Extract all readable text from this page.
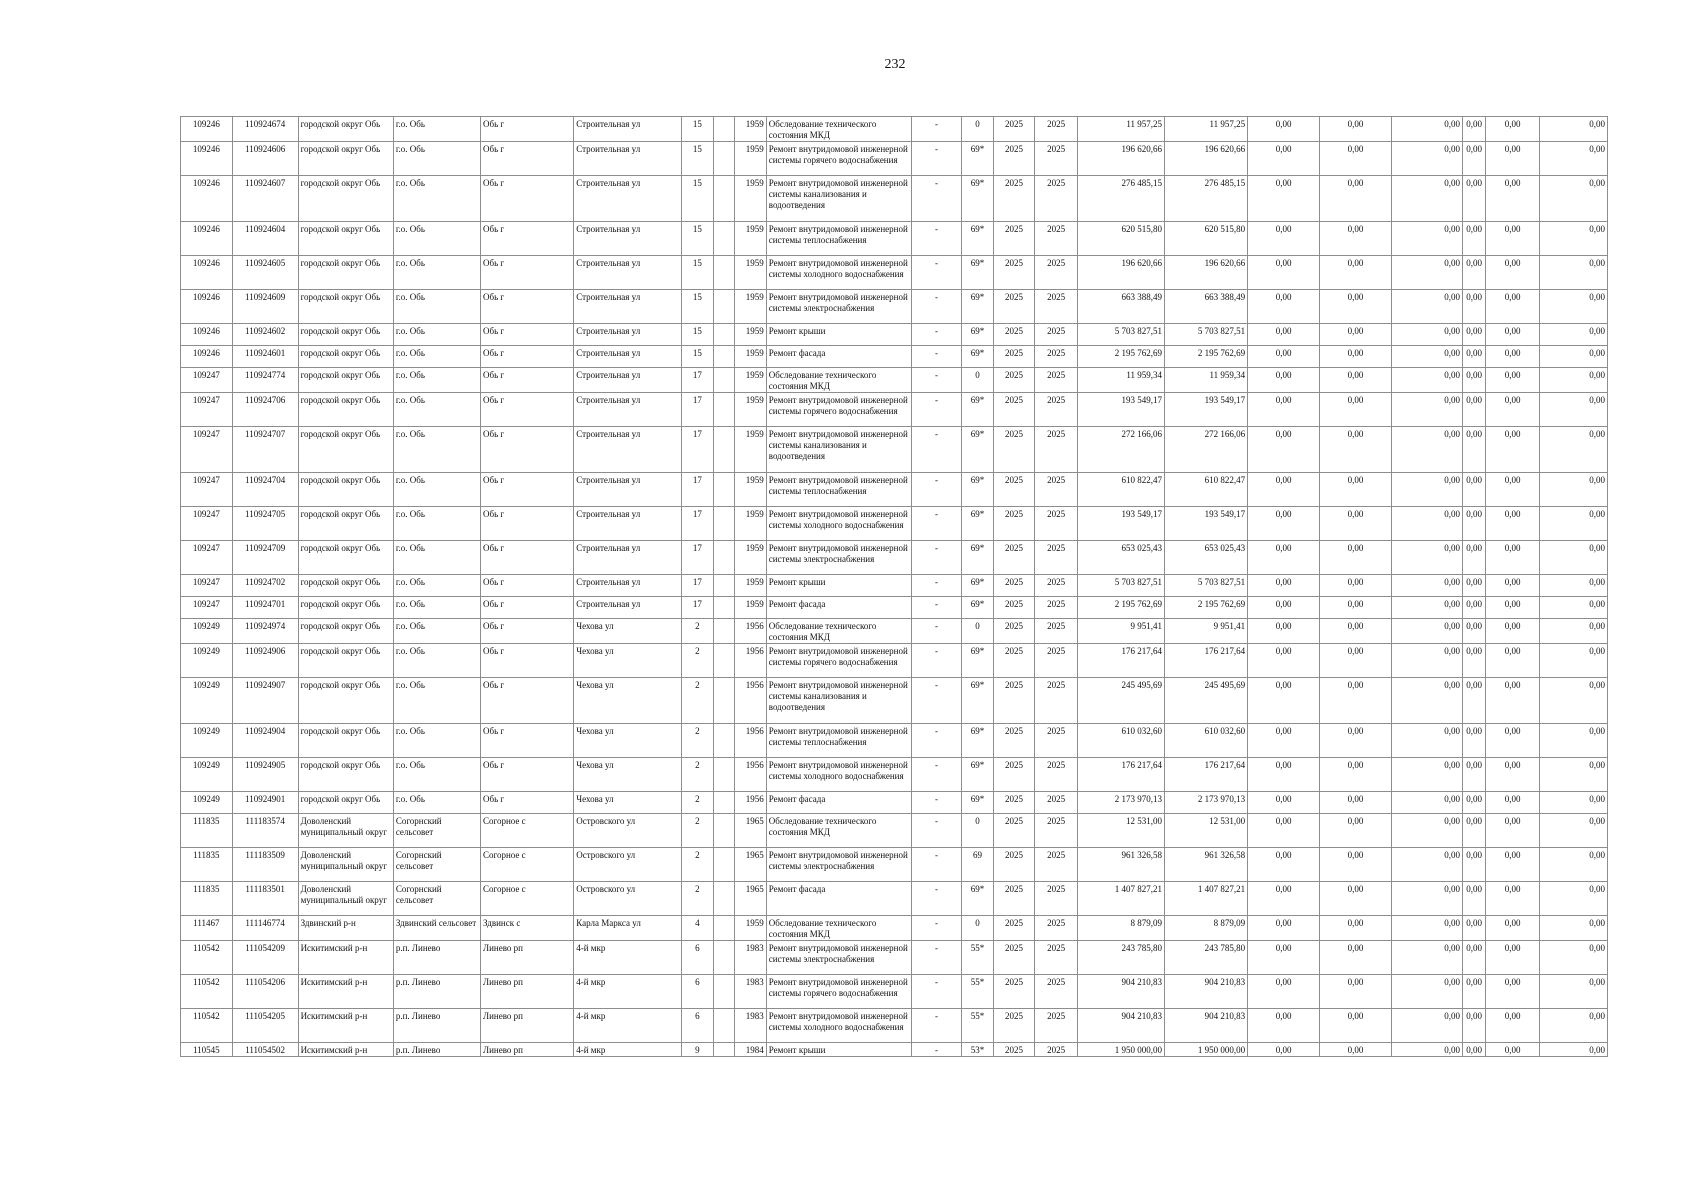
232
109246	110924674	городской округ Обь	г.о. Обь	Обь г	Строительная ул	15		1959	Обследование технического состояния МКД	-	0	2025	2025	11 957,25	11 957,25	0,00	0,00	0,00	0,00	0,00	0,00
109246	110924606	городской округ Обь	г.о. Обь	Обь г	Строительная ул	15		1959	Ремонт внутридомовой инженерной системы горячего водоснабжения	-	69*	2025	2025	196 620,66	196 620,66	0,00	0,00	0,00	0,00	0,00	0,00
109246	110924607	городской округ Обь	г.о. Обь	Обь г	Строительная ул	15		1959	Ремонт внутридомовой инженерной системы канализования и водоотведения	-	69*	2025	2025	276 485,15	276 485,15	0,00	0,00	0,00	0,00	0,00	0,00
109246	110924604	городской округ Обь	г.о. Обь	Обь г	Строительная ул	15		1959	Ремонт внутридомовой инженерной системы теплоснабжения	-	69*	2025	2025	620 515,80	620 515,80	0,00	0,00	0,00	0,00	0,00	0,00
109246	110924605	городской округ Обь	г.о. Обь	Обь г	Строительная ул	15		1959	Ремонт внутридомовой инженерной системы холодного водоснабжения	-	69*	2025	2025	196 620,66	196 620,66	0,00	0,00	0,00	0,00	0,00	0,00
109246	110924609	городской округ Обь	г.о. Обь	Обь г	Строительная ул	15		1959	Ремонт внутридомовой инженерной системы электроснабжения	-	69*	2025	2025	663 388,49	663 388,49	0,00	0,00	0,00	0,00	0,00	0,00
109246	110924602	городской округ Обь	г.о. Обь	Обь г	Строительная ул	15		1959	Ремонт крыши	-	69*	2025	2025	5 703 827,51	5 703 827,51	0,00	0,00	0,00	0,00	0,00	0,00
109246	110924601	городской округ Обь	г.о. Обь	Обь г	Строительная ул	15		1959	Ремонт фасада	-	69*	2025	2025	2 195 762,69	2 195 762,69	0,00	0,00	0,00	0,00	0,00	0,00
109247	110924774	городской округ Обь	г.о. Обь	Обь г	Строительная ул	17		1959	Обследование технического состояния МКД	-	0	2025	2025	11 959,34	11 959,34	0,00	0,00	0,00	0,00	0,00	0,00
109247	110924706	городской округ Обь	г.о. Обь	Обь г	Строительная ул	17		1959	Ремонт внутридомовой инженерной системы горячего водоснабжения	-	69*	2025	2025	193 549,17	193 549,17	0,00	0,00	0,00	0,00	0,00	0,00
109247	110924707	городской округ Обь	г.о. Обь	Обь г	Строительная ул	17		1959	Ремонт внутридомовой инженерной системы канализования и водоотведения	-	69*	2025	2025	272 166,06	272 166,06	0,00	0,00	0,00	0,00	0,00	0,00
109247	110924704	городской округ Обь	г.о. Обь	Обь г	Строительная ул	17		1959	Ремонт внутридомовой инженерной системы теплоснабжения	-	69*	2025	2025	610 822,47	610 822,47	0,00	0,00	0,00	0,00	0,00	0,00
109247	110924705	городской округ Обь	г.о. Обь	Обь г	Строительная ул	17		1959	Ремонт внутридомовой инженерной системы холодного водоснабжения	-	69*	2025	2025	193 549,17	193 549,17	0,00	0,00	0,00	0,00	0,00	0,00
109247	110924709	городской округ Обь	г.о. Обь	Обь г	Строительная ул	17		1959	Ремонт внутридомовой инженерной системы электроснабжения	-	69*	2025	2025	653 025,43	653 025,43	0,00	0,00	0,00	0,00	0,00	0,00
109247	110924702	городской округ Обь	г.о. Обь	Обь г	Строительная ул	17		1959	Ремонт крыши	-	69*	2025	2025	5 703 827,51	5 703 827,51	0,00	0,00	0,00	0,00	0,00	0,00
109247	110924701	городской округ Обь	г.о. Обь	Обь г	Строительная ул	17		1959	Ремонт фасада	-	69*	2025	2025	2 195 762,69	2 195 762,69	0,00	0,00	0,00	0,00	0,00	0,00
109249	110924974	городской округ Обь	г.о. Обь	Обь г	Чехова ул	2		1956	Обследование технического состояния МКД	-	0	2025	2025	9 951,41	9 951,41	0,00	0,00	0,00	0,00	0,00	0,00
109249	110924906	городской округ Обь	г.о. Обь	Обь г	Чехова ул	2		1956	Ремонт внутридомовой инженерной системы горячего водоснабжения	-	69*	2025	2025	176 217,64	176 217,64	0,00	0,00	0,00	0,00	0,00	0,00
109249	110924907	городской округ Обь	г.о. Обь	Обь г	Чехова ул	2		1956	Ремонт внутридомовой инженерной системы канализования и водоотведения	-	69*	2025	2025	245 495,69	245 495,69	0,00	0,00	0,00	0,00	0,00	0,00
109249	110924904	городской округ Обь	г.о. Обь	Обь г	Чехова ул	2		1956	Ремонт внутридомовой инженерной системы теплоснабжения	-	69*	2025	2025	610 032,60	610 032,60	0,00	0,00	0,00	0,00	0,00	0,00
109249	110924905	городской округ Обь	г.о. Обь	Обь г	Чехова ул	2		1956	Ремонт внутридомовой инженерной системы холодного водоснабжения	-	69*	2025	2025	176 217,64	176 217,64	0,00	0,00	0,00	0,00	0,00	0,00
109249	110924901	городской округ Обь	г.о. Обь	Обь г	Чехова ул	2		1956	Ремонт фасада	-	69*	2025	2025	2 173 970,13	2 173 970,13	0,00	0,00	0,00	0,00	0,00	0,00
111835	111183574	Доволенский муниципальный округ	Согорнский сельсовет	Согорное с	Островского ул	2		1965	Обследование технического состояния МКД	-	0	2025	2025	12 531,00	12 531,00	0,00	0,00	0,00	0,00	0,00	0,00
111835	111183509	Доволенский муниципальный округ	Согорнский сельсовет	Согорное с	Островского ул	2		1965	Ремонт внутридомовой инженерной системы электроснабжения	-	69	2025	2025	961 326,58	961 326,58	0,00	0,00	0,00	0,00	0,00	0,00
111835	111183501	Доволенский муниципальный округ	Согорнский сельсовет	Согорное с	Островского ул	2		1965	Ремонт фасада	-	69*	2025	2025	1 407 827,21	1 407 827,21	0,00	0,00	0,00	0,00	0,00	0,00
111467	111146774	Здвинский р-н	Здвинский сельсовет	Здвинск с	Карла Маркса ул	4		1959	Обследование технического состояния МКД	-	0	2025	2025	8 879,09	8 879,09	0,00	0,00	0,00	0,00	0,00	0,00
110542	111054209	Искитимский р-н	р.п. Линево	Линево рп	4-й мкр	6		1983	Ремонт внутридомовой инженерной системы электроснабжения	-	55*	2025	2025	243 785,80	243 785,80	0,00	0,00	0,00	0,00	0,00	0,00
110542	111054206	Искитимский р-н	р.п. Линево	Линево рп	4-й мкр	6		1983	Ремонт внутридомовой инженерной системы горячего водоснабжения	-	55*	2025	2025	904 210,83	904 210,83	0,00	0,00	0,00	0,00	0,00	0,00
110542	111054205	Искитимский р-н	р.п. Линево	Линево рп	4-й мкр	6		1983	Ремонт внутридомовой инженерной системы холодного водоснабжения	-	55*	2025	2025	904 210,83	904 210,83	0,00	0,00	0,00	0,00	0,00	0,00
110545	111054502	Искитимский р-н	р.п. Линево	Линево рп	4-й мкр	9		1984	Ремонт крыши	-	53*	2025	2025	1 950 000,00	1 950 000,00	0,00	0,00	0,00	0,00	0,00	0,00
